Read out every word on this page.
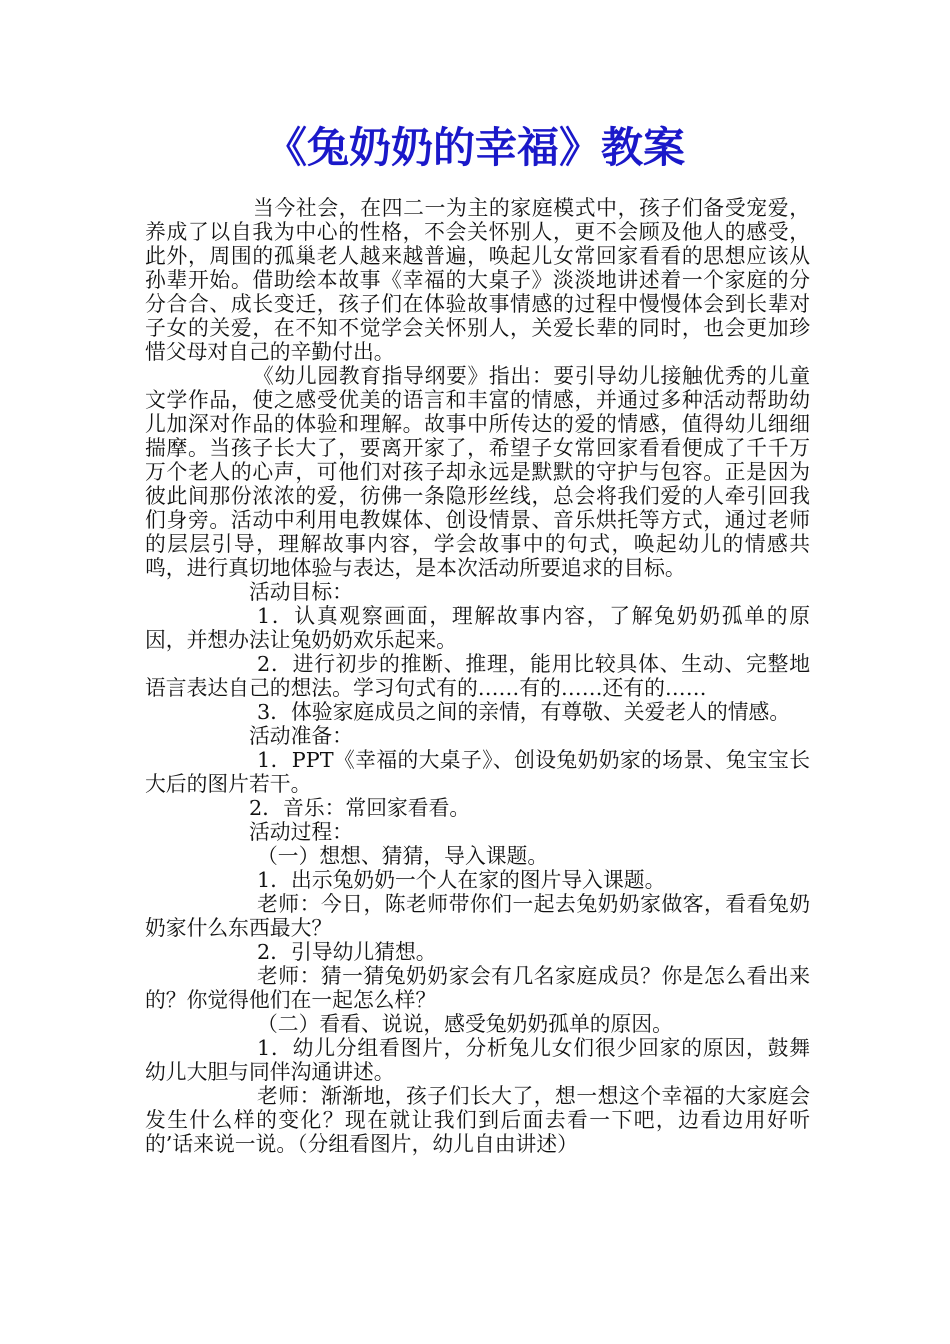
《兔奶奶的幸福》教案

当今社会，在四二一为主的家庭模式中，孩子们备受宠爱，养成了以自我为中心的性格，不会关怀别人，更不会顾及他人的感受，此外，周围的孤巢老人越来越普遍，唤起儿女常回家看看的思想应该从孙辈开始。借助绘本故事《幸福的大桌子》淡淡地讲述着一个家庭的分分合合、成长变迁，孩子们在体验故事情感的过程中慢慢体会到长辈对子女的关爱，在不知不觉学会关怀别人，关爱长辈的同时，也会更加珍惜父母对自己的辛勤付出。

《幼儿园教育指导纲要》指出：要引导幼儿接触优秀的儿童文学作品，使之感受优美的语言和丰富的情感，并通过多种活动帮助幼儿加深对作品的体验和理解。故事中所传达的爱的情感，值得幼儿细细揣摩。当孩子长大了，要离开家了，希望子女常回家看看便成了千千万万个老人的心声，可他们对孩子却永远是默默的守护与包容。正是因为彼此间那份浓浓的爱，彷佛一条隐形丝线，总会将我们爱的人牵引回我们身旁。活动中利用电教媒体、创设情景、音乐烘托等方式，通过老师的层层引导，理解故事内容，学会故事中的句式，唤起幼儿的情感共鸣，进行真切地体验与表达，是本次活动所要追求的目标。

活动目标：

1．认真观察画面，理解故事内容，了解兔奶奶孤单的原因，并想办法让兔奶奶欢乐起来。

2．进行初步的推断、推理，能用比较具体、生动、完整地语言表达自己的想法。学习句式有的……有的……还有的……

3．体验家庭成员之间的亲情，有尊敬、关爱老人的情感。

活动准备：

1．PPT《幸福的大桌子》、创设兔奶奶家的场景、兔宝宝长大后的图片若干。

2．音乐：常回家看看。

活动过程：

（一）想想、猜猜，导入课题。

1．出示兔奶奶一个人在家的图片导入课题。

老师：今日，陈老师带你们一起去兔奶奶家做客，看看兔奶奶家什么东西最大？

2．引导幼儿猜想。

老师：猜一猜兔奶奶家会有几名家庭成员？你是怎么看出来的？你觉得他们在一起怎么样？

（二）看看、说说，感受兔奶奶孤单的原因。

1．幼儿分组看图片，分析兔儿女们很少回家的原因，鼓舞幼儿大胆与同伴沟通讲述。

老师：渐渐地，孩子们长大了，想一想这个幸福的大家庭会发生什么样的变化？现在就让我们到后面去看一下吧，边看边用好听的’话来说一说。（分组看图片，幼儿自由讲述）
